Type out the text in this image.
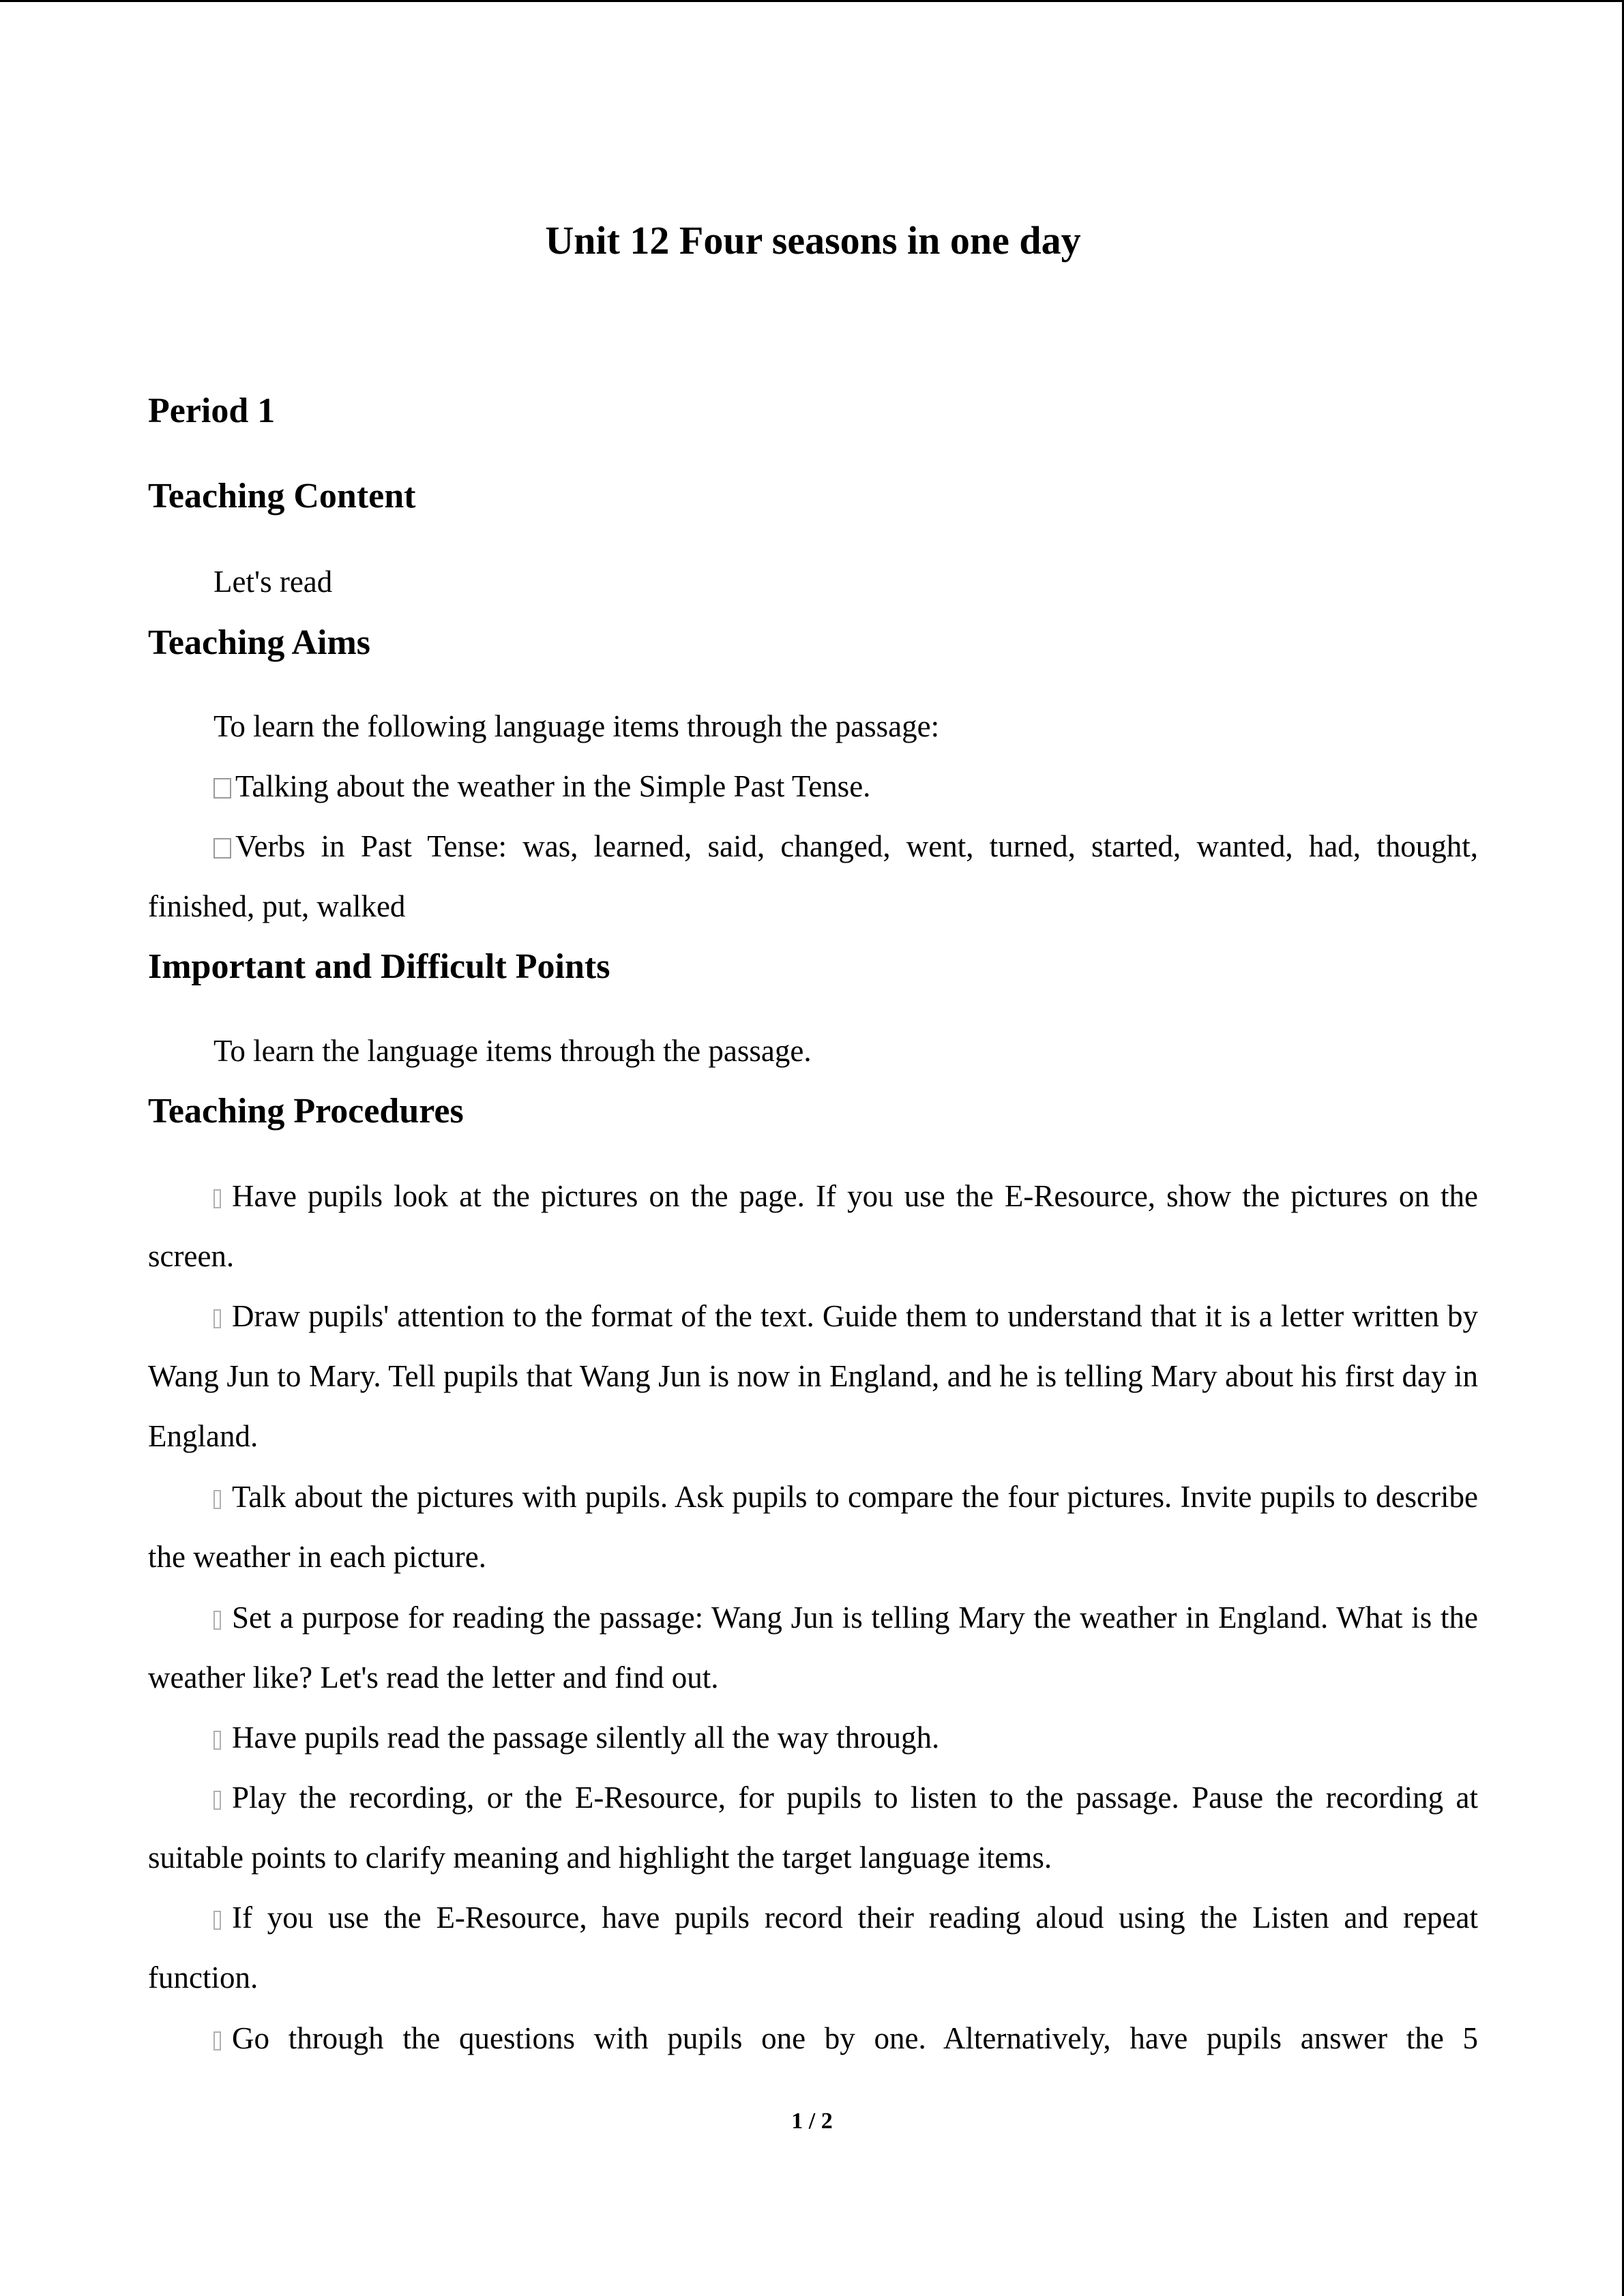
Unit 12 Four seasons in one day
Period 1
Teaching Content

Let's read

Teaching Aims

To learn the following language items through the passage:

Talking about the weather in the Simple Past Tense.

Verbs in Past Tense: was, learned, said, changed, went, turned, started, wanted, had, thought, finished, put, walked

Important and Difficult Points

To learn the language items through the passage.

Teaching Procedures

Have pupils look at the pictures on the page. If you use the E-Resource, show the pictures on the screen.

Draw pupils' attention to the format of the text. Guide them to understand that it is a letter written by Wang Jun to Mary. Tell pupils that Wang Jun is now in England, and he is telling Mary about his first day in England.

Talk about the pictures with pupils. Ask pupils to compare the four pictures. Invite pupils to describe the weather in each picture.

Set a purpose for reading the passage: Wang Jun is telling Mary the weather in England. What is the weather like? Let's read the letter and find out.

Have pupils read the passage silently all the way through.

Play the recording, or the E-Resource, for pupils to listen to the passage. Pause the recording at suitable points to clarify meaning and highlight the target language items.

If you use the E-Resource, have pupils record their reading aloud using the Listen and repeat function.

Go through the questions with pupils one by one. Alternatively, have pupils answer the 5

1 / 2
